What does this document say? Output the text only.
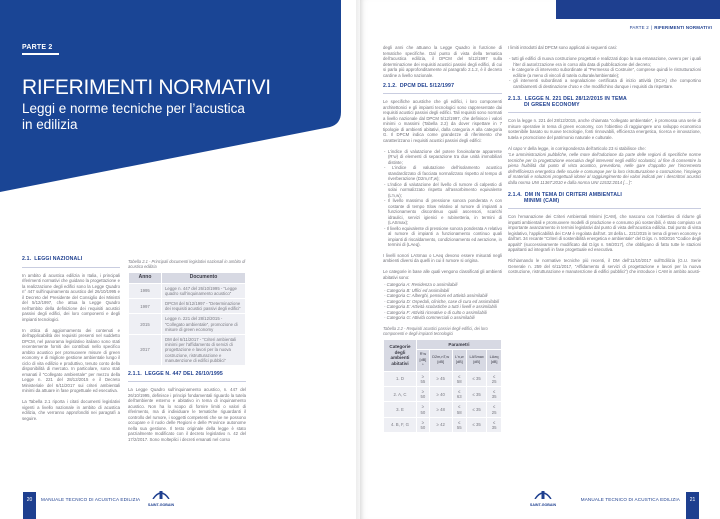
PARTE 2
RIFERIMENTI NORMATIVI
Leggi e norme tecniche per l’acustica
in edilizia
2.1. LEGGI NAZIONALI

In ambito di acustica edilizia in Italia, i principali riferimenti normativi che guidano la progettazione e la realizzazione degli edifici sono la Legge Quadro n° 447 sull’inquinamento acustico del 26/10/1995 e il Decreto del Presidente del Consiglio dei Ministri del 5/12/1997, che attua la Legge Quadro nell’ambito della definizione dei requisiti acustici passivi degli edifici, dei loro componenti e degli impianti tecnologici.

In ottica di aggiornamento dei contenuti e dell’applicabilità dei requisiti presenti nel suddetto DPCM, nel panorama legislativo italiano sono stati recentemente forniti dei contributi nello specifico ambito acustico per promuovere misure di green economy e di migliore gestione ambientale lungo il ciclo di vita edilizio e produttivo, tenuto conto della disponibilità di mercato. In particolare, sono stati emanati il “Collegato ambientale” per mezzo della Legge n. 221 del 28/12/2015 e il Decreto Ministeriale del 6/11/2017 sui criteri ambientali minimi da attuare in fase progettuale ed esecutiva.

La Tabella 2.1 riporta i citati documenti legislativi vigenti a livello nazionale in ambito di acustica edilizia, che verranno approfonditi nei paragrafi a seguire.

Tabella 2.1 - Principali documenti legislativi nazionali in ambito di acustica edilizia
Anno	Documento
1995	Legge n. 447 del 26/10/1995 - “Legge quadro sull’inquinamento acustico”
1997	DPCM del 5/12/1997 - “Determinazione dei requisiti acustici passivi degli edifici”
2015	Legge n. 221 del 28/12/2015 - “Collegato ambientale”, promozione di misure di green economy
2017	DM del 6/11/2017 - “Criteri ambientali minimi per l’affidamento di servizi di progettazione e lavori per la nuova costruzione, ristrutturazione e manutenzione di edifici pubblici”
2.1.1. LEGGE N. 447 DEL 26/10/1995

La Legge Quadro sull’inquinamento acustico, n. 447 del 26/10/1995, definisce i principi fondamentali riguardo la tutela dell’ambiente esterno e abitativo in tema di inquinamento acustico. Non ha lo scopo di fornire limiti o valori di riferimento, ma di individuare le tematiche riguardanti il controllo del rumore, i soggetti competenti che se ne possono occupare e il ruolo delle Regioni e delle Province autonome nella sua gestione. Il testo originale della legge è stato parzialmente modificato con il decreto legislativo n. 42 del 17/2/2017. Sono molteplici i decreti emanati nel corso

20	MANUALE TECNICO DI ACUSTICA EDILIZIA
SAINT-GOBAIN
PARTE 2 | RIFERIMENTI NORMATIVI

degli anni che attuano la Legge Quadro in funzione di tematiche specifiche. Dal punto di vista della tematica dell’acustica edilizia, il DPCM del 5/12/1997 sulla determinazione dei requisiti acustici passivi degli edifici, di cui si parla più approfonditamente al paragrafo 2.1.2, è il decreto cardine a livello nazionale.

2.1.2. DPCM DEL 5/12/1997

Le specifiche acustiche che gli edifici, i loro componenti architettonici e gli impianti tecnologici sono rappresentate dai requisiti acustici passivi degli edifici. Tali requisiti sono normati a livello nazionale dal DPCM 5/12/1997, che definisce i valori minimi o massimi (Tabella 2.2) da dover rispettare in 7 tipologie di ambienti abitativi, dalla categoria A alla categoria G. Il DPCM indica come grandezze di riferimento che caratterizzano i requisiti acustici passivi degli edifici:

- L’indice di valutazione del potere fonoisolante apparente (R’w) di elementi di separazione tra due unità immobiliari distinte;
- L’indice di valutazione dell’isolamento acustico standardizzato di facciata normalizzato rispetto al tempo di riverberazione (D2m,nT,w);
- L’indice di valutazione del livello di rumore di calpestio di solai normalizzato rispetto all’assorbimento equivalente (L’n,w);
- Il livello massimo di pressione sonora ponderata A con costante di tempo Slow relativo al rumore di impianti a funzionamento discontinuo quali ascensori, scarichi idraulici, servizi igienici e rubinetteria, in termini di (LASmax);
- Il livello equivalente di pressione sonora ponderata A relativo al rumore di impianti a funzionamento continuo quali impianti di riscaldamento, condizionamento ed aerazione, in termini di (LAeq).

I livelli sonori LASmax o LAeq devono essere misurati negli ambienti diversi da quelli in cui il rumore si origina.

Le categorie in base alle quali vengono classificati gli ambienti abitativi sono:

- Categoria A: Residenza o assimilabili
- Categoria B: Uffici ed assimilabili
- Categoria C: Alberghi, pensioni ed attività assimilabili
- Categoria D: Ospedali, cliniche, case di cura ed assimilabili
- Categoria E: Attività scolastiche a tutti i livelli e assimilabili
- Categoria F: Attività ricreative o di culto o assimilabili
- Categoria G: Attività commerciali o assimilabili
Tabella 2.2 - Requisiti acustici passivi degli edifici, dei loro componenti e degli impianti tecnologici
Categorie degli ambienti abitativi	Parametri				
	R’w [dB] *	D2m,nT,w [dB]	L’n,w [dB]	LASmax [dB]	LAeq [dB]
1. D	≥ 55	≥ 45	≤ 58	≤ 35	≤ 25
2. A, C	≥ 50	≥ 40	≤ 63	≤ 35	≤ 35
3. E	≥ 50	≥ 48	≤ 58	≤ 35	≤ 25
4. B, F, G	≥ 50	≥ 42	≤ 55	≤ 35	≤ 35

I limiti introdotti dal DPCM sono applicati ai seguenti casi:

- tutti gli edifici di nuova costruzione progettati e realizzati dopo la sua emanazione, ovvero per i quali l’iter di autorizzazione era in corso alla data di pubblicazione del decreto;
- le categorie di intervento subordinate al “Permesso di Costruire”, comprese quindi le ristrutturazioni edilizie (a meno di vincoli di tutela culturale/ambientale);
- gli interventi subordinati a segnalazione certificata di inizio attività (SCIA) che comportino cambiamenti di destinazione d’uso e che modifichino dunque i requisiti da rispettare.
2.1.3. LEGGE N. 221 DEL 28/12/2015 IN TEMA
DI GREEN ECONOMY

Con la legge n. 221 del 28/12/2015, anche chiamata “collegato ambientale”, è promossa una serie di misure operative in tema di green economy, con l’obiettivo di raggiungere uno sviluppo economico sostenibile basato su nuove tecnologie, fonti rinnovabili, efficienza energetica, ricerca e innovazione, tutela e promozione del patrimonio naturale e culturale.

Al capo V della legge, in corrispondenza dell’articolo 23 si stabilisce che:

“Le amministrazioni pubbliche, nelle more dell’adozione da parte delle regioni di specifiche norme tecniche per la progettazione esecutiva degli interventi negli edifici scolastici, al fine di consentire la piena fruibilità dal punto di vista acustico, prevedono, nelle gare d’appalto per l’incremento dell’efficienza energetica delle scuole e comunque per la loro ristrutturazione o costruzione, l’impiego di materiali e soluzioni progettuali idonei al raggiungimento dei valori indicati per i descrittori acustici dalla norma UNI 11367:2010 e dalla norma UNI 11532:2014 […]”.

2.1.4. DM IN TEMA DI CRITERI AMBIENTALI
MINIMI (CAM)

Con l’emanazione dei Criteri Ambientali Minimi (CAM), che nascono con l’obiettivo di ridurre gli impatti ambientali e promuovere modelli di produzione e consumo più sostenibili, è stato compiuto un importante avanzamento in termini legislativi dal punto di vista dell’acustica edilizia. Dal punto di vista legislativo, l’applicabilità dei CAM è regolata dall’art. 18 della L. 221/2015 in tema di green economy e dall’art. 34 recante “Criteri di sostenibilità energetica e ambientale” del D.lgs. n. 50/2016 “Codice degli appalti” (successivamente modificato dal D.lgs n. 56/2017), che obbligano di fatto tutte le stazioni appaltanti ad integrarli in fase progettuale ed esecutiva.

Richiamando le normative tecniche più recenti, il DM dell’11/10/2017 sull’Edilizia (G.U. Serie Generale n. 259 del 6/11/2017, “Affidamento di servizi di progettazione e lavori per la nuova costruzione, ristrutturazione e manutenzione di edifici pubblici”) che introduce i CAM in ambito acusti-

SAINT-GOBAIN
MANUALE TECNICO DI ACUSTICA EDILIZIA	21
